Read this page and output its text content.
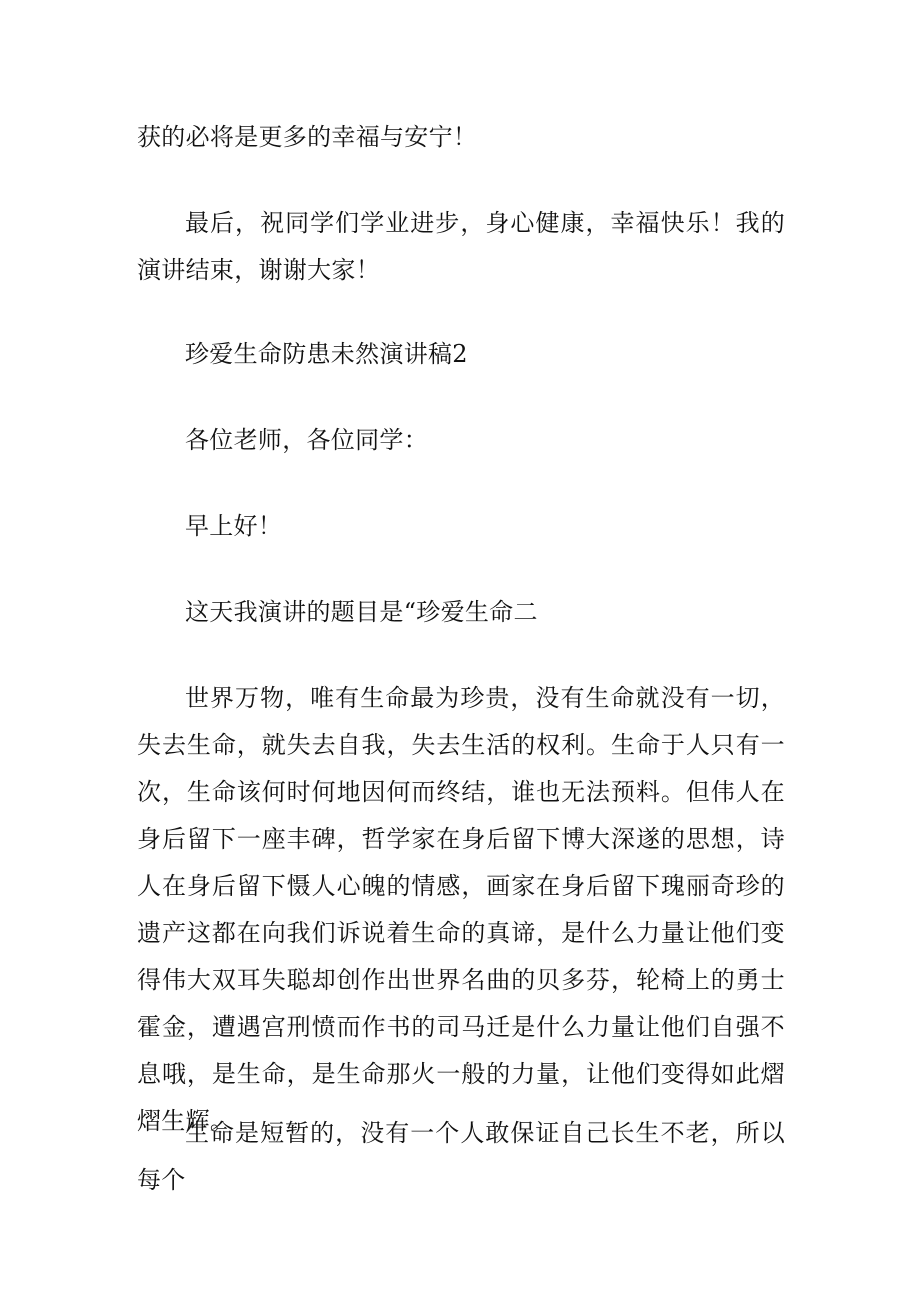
获的必将是更多的幸福与安宁！

最后，祝同学们学业进步，身心健康，幸福快乐！我的演讲结束，谢谢大家！

珍爱生命防患未然演讲稿2

各位老师，各位同学：

早上好！

这天我演讲的题目是“珍爱生命二

世界万物，唯有生命最为珍贵，没有生命就没有一切，失去生命，就失去自我，失去生活的权利。生命于人只有一次，生命该何时何地因何而终结，谁也无法预料。但伟人在身后留下一座丰碑，哲学家在身后留下博大深遂的思想，诗人在身后留下慑人心魄的情感，画家在身后留下瑰丽奇珍的遗产这都在向我们诉说着生命的真谛，是什么力量让他们变得伟大双耳失聪却创作出世界名曲的贝多芬，轮椅上的勇士霍金，遭遇宫刑愤而作书的司马迁是什么力量让他们自强不息哦，是生命，是生命那火一般的力量，让他们变得如此熠熠生辉。

生命是短暂的，没有一个人敢保证自己长生不老，所以每个
